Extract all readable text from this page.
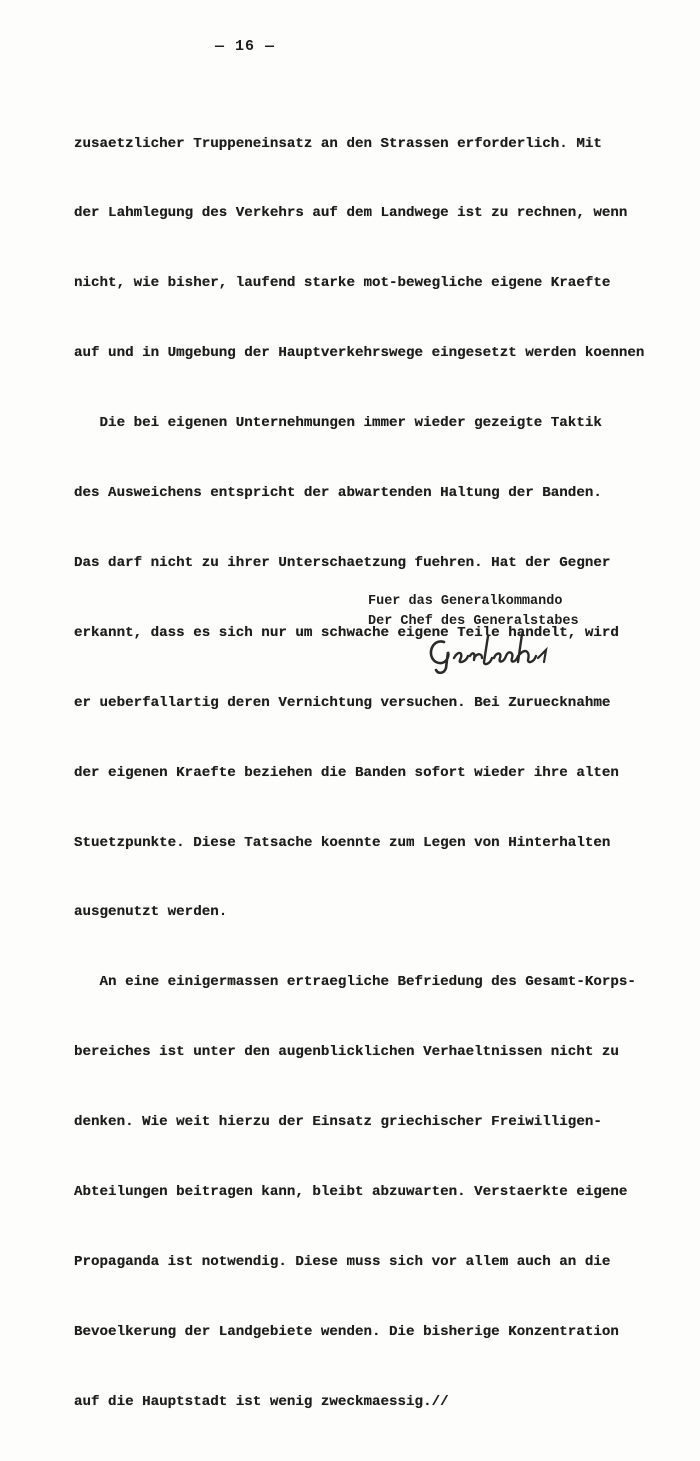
— 16 —

zusaetzlicher Truppeneinsatz an den Strassen erforderlich. Mit

der Lahmlegung des Verkehrs auf dem Landwege ist zu rechnen, wenn

nicht, wie bisher, laufend starke mot-bewegliche eigene Kraefte

auf und in Umgebung der Hauptverkehrswege eingesetzt werden koennen

Die bei eigenen Unternehmungen immer wieder gezeigte Taktik

des Ausweichens entspricht der abwartenden Haltung der Banden.

Das darf nicht zu ihrer Unterschaetzung fuehren. Hat der Gegner

erkannt, dass es sich nur um schwache eigene Teile handelt, wird

er ueberfallartig deren Vernichtung versuchen. Bei Zuruecknahme

der eigenen Kraefte beziehen die Banden sofort wieder ihre alten

Stuetzpunkte. Diese Tatsache koennte zum Legen von Hinterhalten

ausgenutzt werden.

An eine einigermassen ertraegliche Befriedung des Gesamt-Korps-

bereiches ist unter den augenblicklichen Verhaeltnissen nicht zu

denken. Wie weit hierzu der Einsatz griechischer Freiwilligen-

Abteilungen beitragen kann, bleibt abzuwarten. Verstaerkte eigene

Propaganda ist notwendig. Diese muss sich vor allem auch an die

Bevoelkerung der Landgebiete wenden. Die bisherige Konzentration

auf die Hauptstadt ist wenig zweckmaessig.//

Fuer das Generalkommando
Der Chef des Generalstabes
